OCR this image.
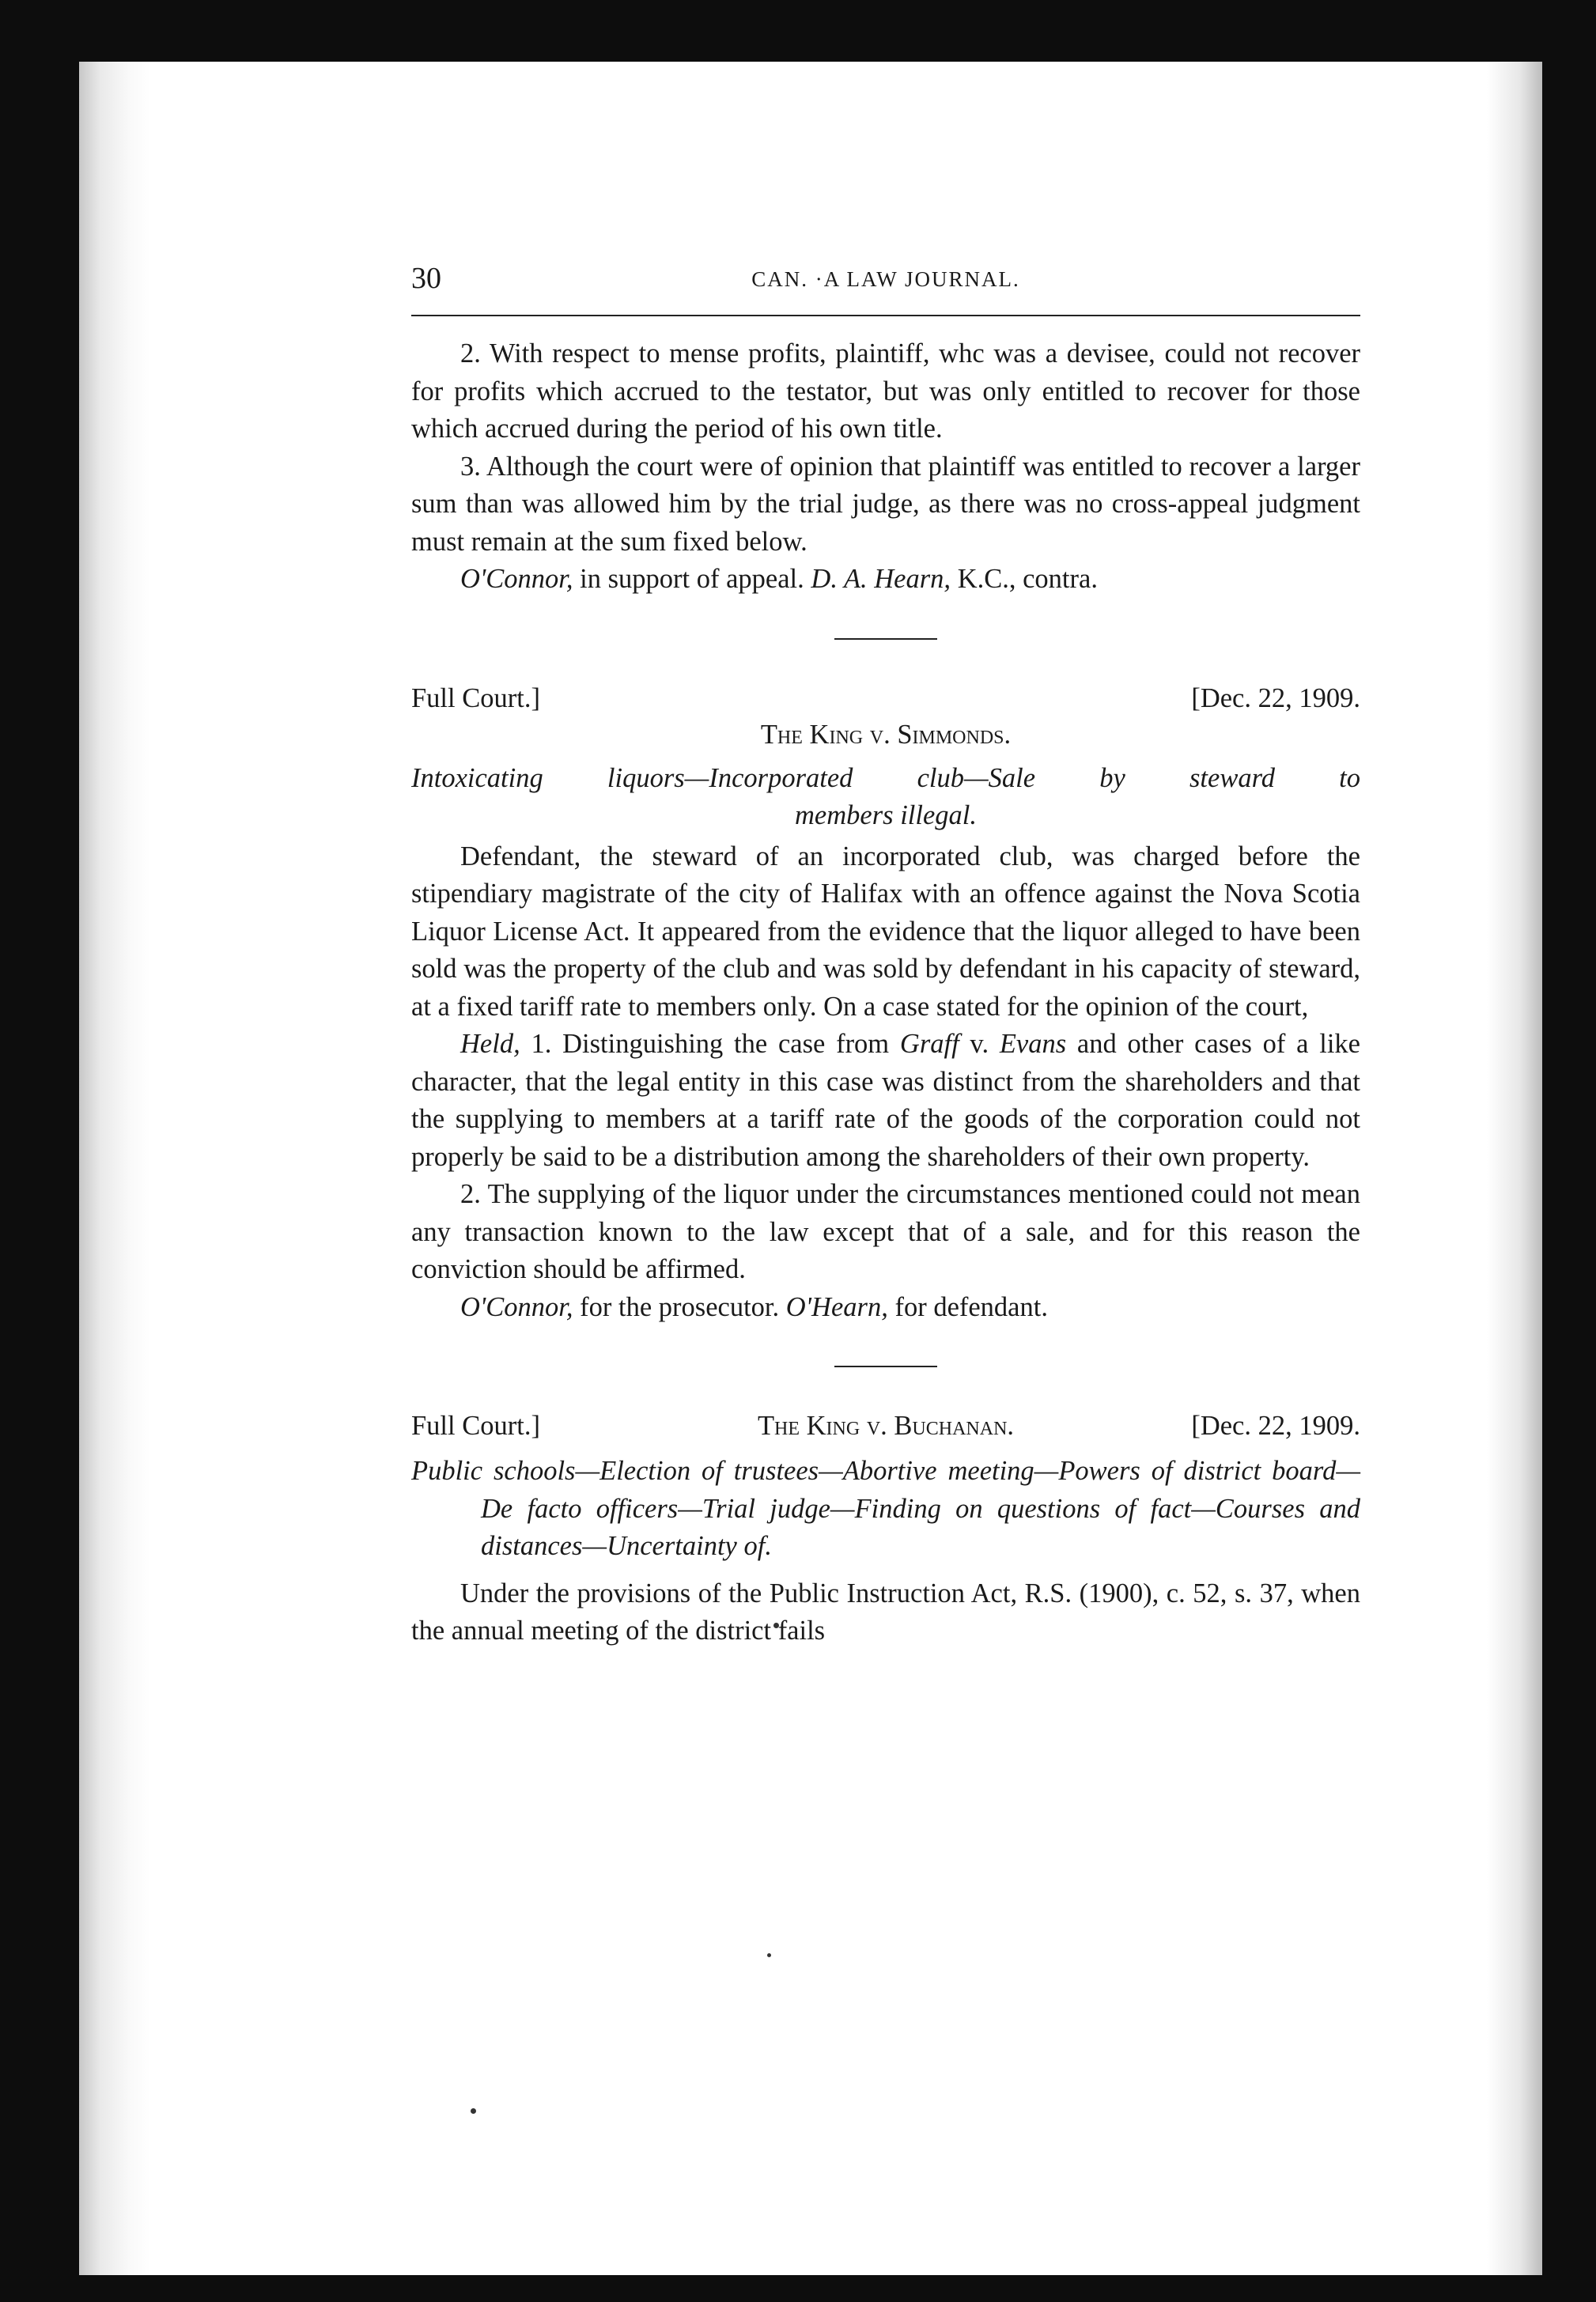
30	CAN. ·A LAW JOURNAL.

2. With respect to mense profits, plaintiff, whc was a devisee, could not recover for profits which accrued to the testator, but was only entitled to recover for those which accrued during the period of his own title.

3. Although the court were of opinion that plaintiff was entitled to recover a larger sum than was allowed him by the trial judge, as there was no cross-appeal judgment must remain at the sum fixed below.

O'Connor, in support of appeal. D. A. Hearn, K.C., contra.

Full Court.]	[Dec. 22, 1909.
The King v. Simmonds.
Intoxicating liquors—Incorporated club—Sale by steward to
members illegal.

Defendant, the steward of an incorporated club, was charged before the stipendiary magistrate of the city of Halifax with an offence against the Nova Scotia Liquor License Act. It appeared from the evidence that the liquor alleged to have been sold was the property of the club and was sold by defendant in his capacity of steward, at a fixed tariff rate to members only. On a case stated for the opinion of the court,

Held, 1. Distinguishing the case from Graff v. Evans and other cases of a like character, that the legal entity in this case was distinct from the shareholders and that the supplying to members at a tariff rate of the goods of the corporation could not properly be said to be a distribution among the shareholders of their own property.

2. The supplying of the liquor under the circumstances mentioned could not mean any transaction known to the law except that of a sale, and for this reason the conviction should be affirmed.

O'Connor, for the prosecutor. O'Hearn, for defendant.

Full Court.]	The King v. Buchanan.	[Dec. 22, 1909.
Public schools—Election of trustees—Abortive meeting—Powers of district board—De facto officers—Trial judge—Finding on questions of fact—Courses and distances—Uncertainty of.

Under the provisions of the Public Instruction Act, R.S. (1900), c. 52, s. 37, when the annual meeting of the district fails
